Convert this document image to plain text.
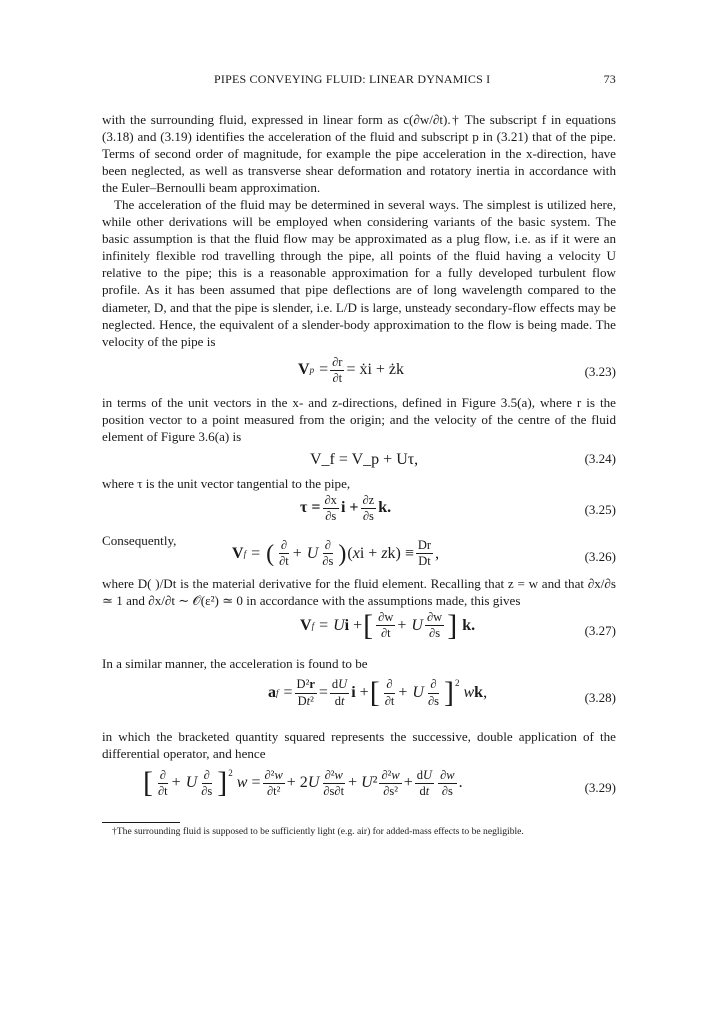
PIPES CONVEYING FLUID: LINEAR DYNAMICS I	73

with the surrounding fluid, expressed in linear form as c(∂w/∂t).† The subscript f in equations (3.18) and (3.19) identifies the acceleration of the fluid and subscript p in (3.21) that of the pipe. Terms of second order of magnitude, for example the pipe acceleration in the x-direction, have been neglected, as well as transverse shear deformation and rotatory inertia in accordance with the Euler–Bernoulli beam approximation.

The acceleration of the fluid may be determined in several ways. The simplest is utilized here, while other derivations will be employed when considering variants of the basic system. The basic assumption is that the fluid flow may be approximated as a plug flow, i.e. as if it were an infinitely flexible rod travelling through the pipe, all points of the fluid having a velocity U relative to the pipe; this is a reasonable approximation for a fully developed turbulent flow profile. As it has been assumed that pipe deflections are of long wavelength compared to the diameter, D, and that the pipe is slender, i.e. L/D is large, unsteady secondary-flow effects may be neglected. Hence, the equivalent of a slender-body approximation to the flow is being made. The velocity of the pipe is

V $p = \frac{\partial r}{\partial t}$ = ẋi + żk	(3.23)

in terms of the unit vectors in the x- and z-directions, defined in Figure 3.5(a), where r is the position vector to a point measured from the origin; and the velocity of the centre of the fluid element of Figure 3.6(a) is

V_f = V_p + Uτ,	(3.24)

where τ is the unit vector tangential to the pipe,

$\tau = \frac{\partial x}{\partial s}$ $i + \frac{\partial z}{\partial s} k$.	(3.25)

Consequently,

V f = ( $\frac{\partial}{\partial t} + U \frac{\partial}{\partial s}$ ) $(xi + zk) \equiv \frac{Dr}{Dt}$ ,	(3.26)

where D( )/Dt is the material derivative for the fluid element. Recalling that z = w and that ∂x/∂s ≃ 1 and ∂x/∂t ∼ 𝒪(ε²) ≃ 0 in accordance with the assumptions made, this gives

V f = U i + [ $\frac{\partial w}{\partial t} + U \frac{\partial w}{\partial s}$ ] k.	(3.27)

In a similar manner, the acceleration is found to be

a $f = \frac{\text{D²r}}{\text{Dt²}} = \frac{dU}{dt}$ i + [ $\frac{\partial}{\partial t} + U \frac{\partial}{\partial s} ]^2$
w k ,	(3.28)

in which the bracketed quantity squared represents the successive, double application of the differential operator, and hence

[ $\frac{\partial}{\partial t} + U \frac{\partial}{\partial s} ]^2$
$w = \frac{\text{∂²w}}{\text{∂t²}} + 2$ U $\frac{\text{∂²w}}{\partial s\partial t} + U$ $^2 \frac{\text{∂²w}}{\text{∂s²}} + \frac{dU}{dt} \frac{\partial w}{\partial s}$ .	(3.29)
†The surrounding fluid is supposed to be sufficiently light (e.g. air) for added-mass effects to be negligible.
